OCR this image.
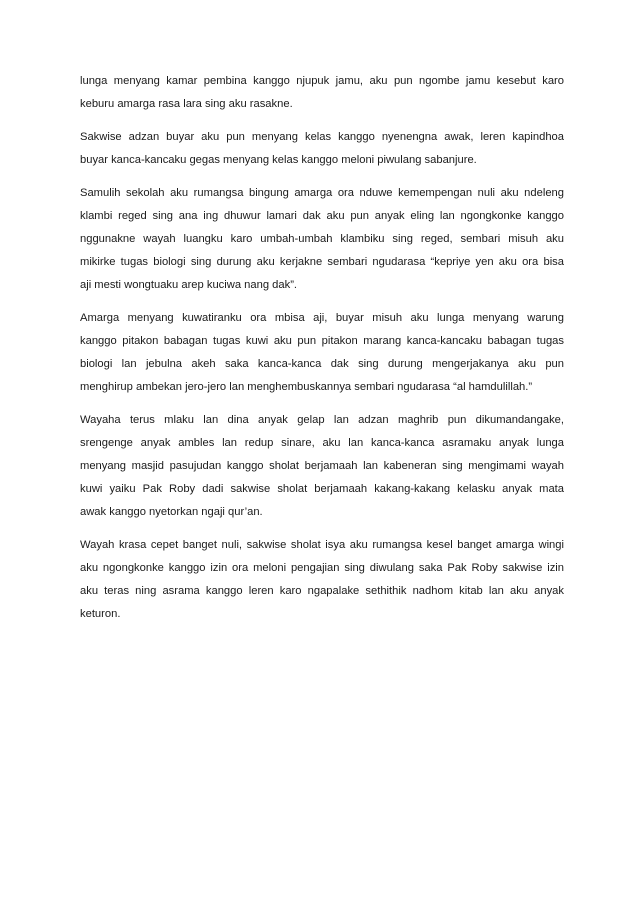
lunga menyang kamar pembina kanggo njupuk jamu, aku pun ngombe jamu kesebut karo
keburu amarga rasa lara sing aku rasakne.
Sakwise adzan buyar aku pun menyang kelas kanggo nyenengna awak, leren kapindhoa
buyar kanca-kancaku gegas menyang kelas kanggo meloni piwulang sabanjure.
Samulih sekolah aku rumangsa bingung amarga ora nduwe kemempengan nuli aku ndeleng
klambi reged sing ana ing dhuwur lamari dak aku pun anyak eling lan ngongkonke kanggo
nggunakne wayah luangku karo umbah-umbah klambiku sing reged, sembari misuh aku
mikirke tugas biologi sing durung aku kerjakne sembari ngudarasa “kepriye yen aku ora bisa
aji mesti wongtuaku arep kuciwa nang dak”.
Amarga menyang kuwatiranku ora mbisa aji, buyar misuh aku lunga menyang warung
kanggo pitakon babagan tugas kuwi aku pun pitakon marang kanca-kancaku babagan tugas
biologi lan jebulna akeh saka kanca-kanca dak sing durung mengerjakanya aku pun
menghirup ambekan jero-jero lan menghembuskannya sembari ngudarasa “al hamdulillah.”
Wayaha terus mlaku lan dina anyak gelap lan adzan maghrib pun dikumandangake,
srengenge anyak ambles lan redup sinare, aku lan kanca-kanca asramaku anyak lunga
menyang masjid pasujudan kanggo sholat berjamaah lan kabeneran sing mengimami wayah
kuwi yaiku Pak Roby dadi sakwise sholat berjamaah kakang-kakang kelasku anyak mata
awak kanggo nyetorkan ngaji qur’an.
Wayah krasa cepet banget nuli, sakwise sholat isya aku rumangsa kesel banget amarga wingi
aku ngongkonke kanggo izin ora meloni pengajian sing diwulang saka Pak Roby sakwise izin
aku teras ning asrama kanggo leren karo ngapalake sethithik nadhom kitab lan aku anyak
keturon.
